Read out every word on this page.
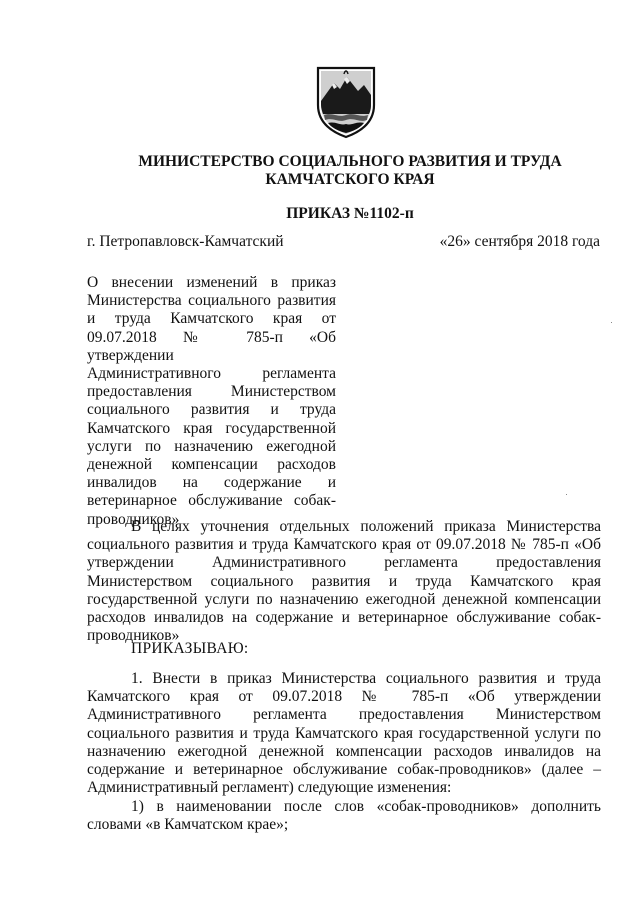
МИНИСТЕРСТВО СОЦИАЛЬНОГО РАЗВИТИЯ И ТРУДА
КАМЧАТСКОГО КРАЯ
ПРИКАЗ №1102-п
г. Петропавловск-Камчатский	«26» сентября 2018 года
О внесении изменений в приказ
Министерства социального развития
и труда Камчатского края от
09.07.2018 № 785-п «Об утверждении
Административного регламента
предоставления Министерством
социального развития и труда
Камчатского края государственной
услуги по назначению ежегодной
денежной компенсации расходов
инвалидов на содержание и
ветеринарное обслуживание собак-
проводников»
В целях уточнения отдельных положений приказа Министерства социального развития и труда Камчатского края от 09.07.2018 № 785-п «Об утверждении Административного регламента предоставления Министерством социального развития и труда Камчатского края государственной услуги по назначению ежегодной денежной компенсации расходов инвалидов на содержание и ветеринарное обслуживание собак-проводников»
ПРИКАЗЫВАЮ:
1. Внести в приказ Министерства социального развития и труда Камчатского края от 09.07.2018 № 785-п «Об утверждении Административного регламента предоставления Министерством социального развития и труда Камчатского края государственной услуги по назначению ежегодной денежной компенсации расходов инвалидов на содержание и ветеринарное обслуживание собак-проводников» (далее – Административный регламент) следующие изменения:
1) в наименовании после слов «собак-проводников» дополнить словами «в Камчатском крае»;
